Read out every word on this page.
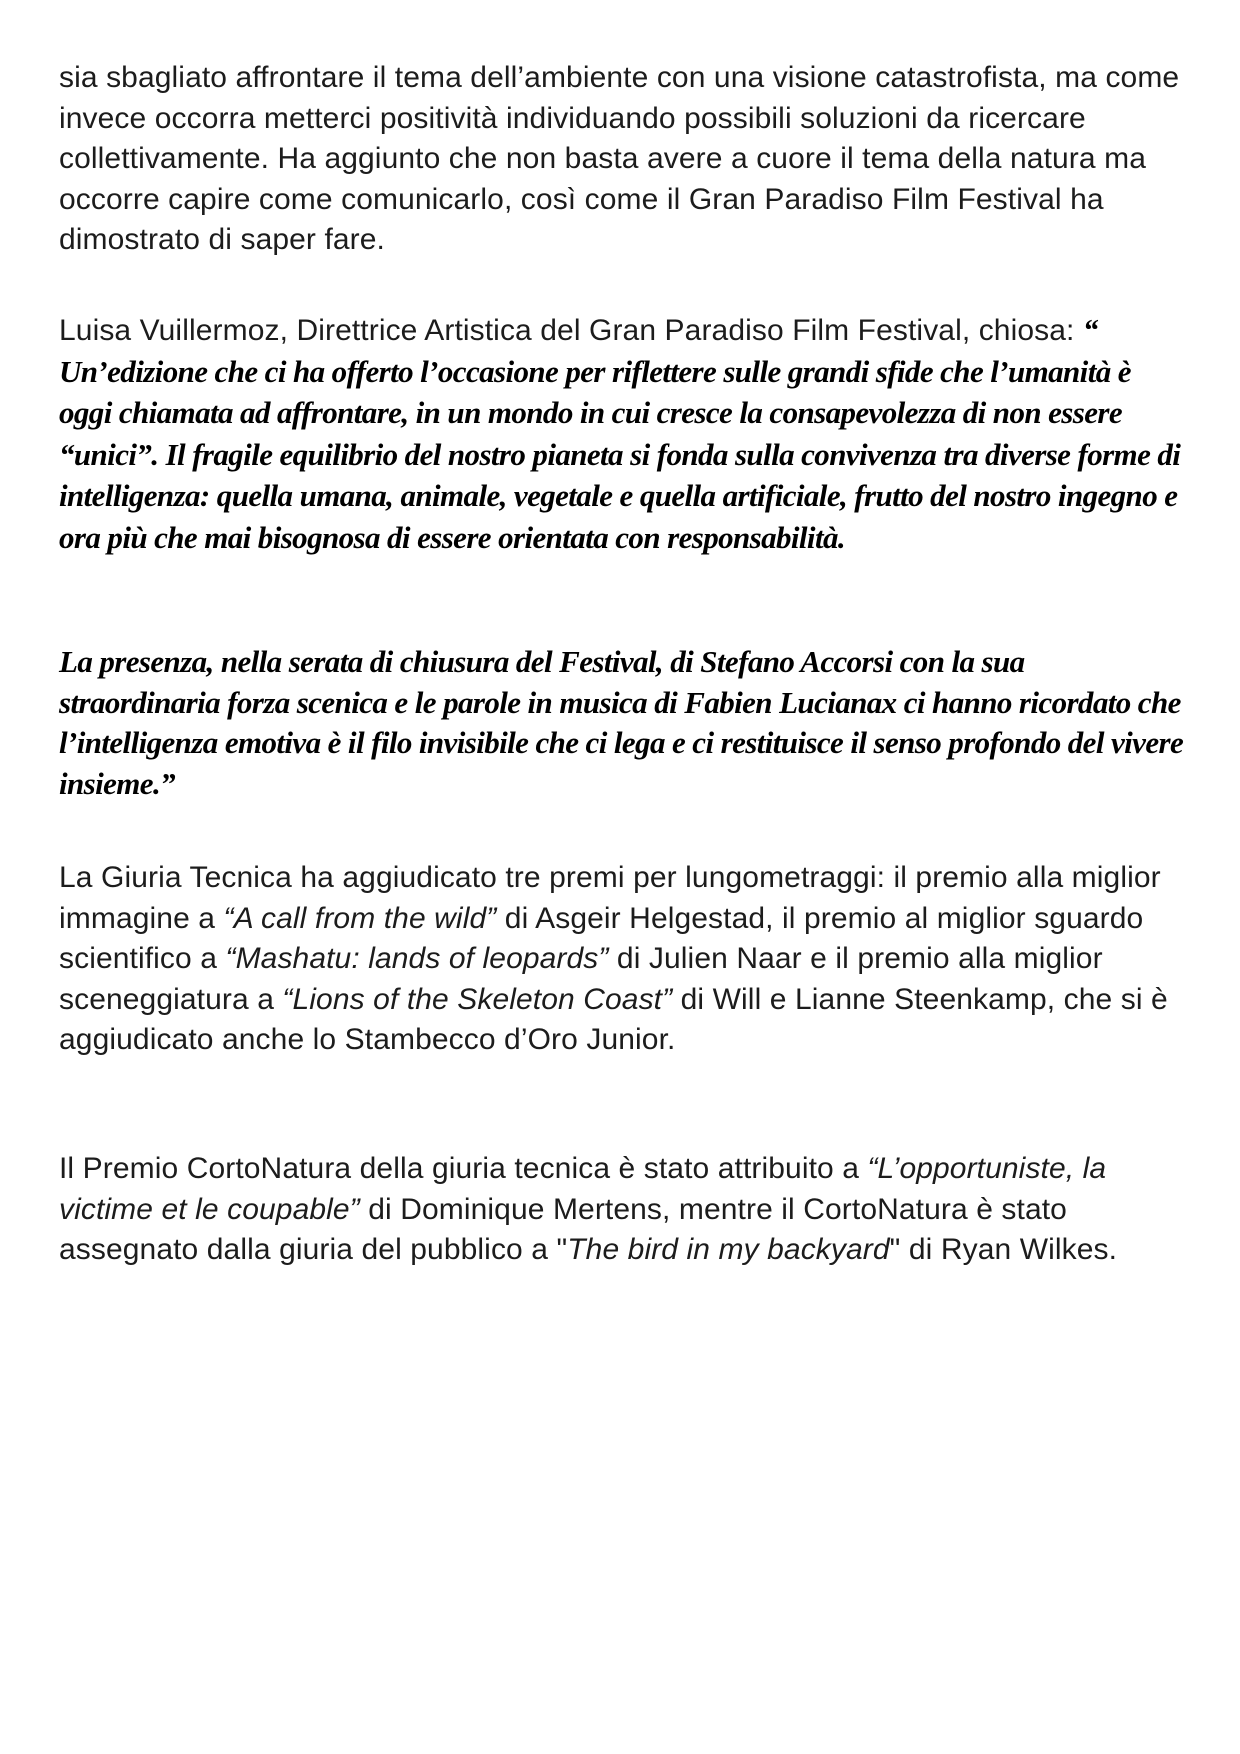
sia sbagliato affrontare il tema dell’ambiente con una visione catastrofista, ma come invece occorra metterci positività individuando possibili soluzioni da ricercare collettivamente. Ha aggiunto che non basta avere a cuore il tema della natura ma occorre capire come comunicarlo, così come il Gran Paradiso Film Festival ha dimostrato di saper fare.

Luisa Vuillermoz, Direttrice Artistica del Gran Paradiso Film Festival, chiosa: “ Un’edizione che ci ha offerto l’occasione per riflettere sulle grandi sfide che l’umanità è oggi chiamata ad affrontare, in un mondo in cui cresce la consapevolezza di non essere “unici”. Il fragile equilibrio del nostro pianeta si fonda sulla convivenza tra diverse forme di intelligenza: quella umana, animale, vegetale e quella artificiale, frutto del nostro ingegno e ora più che mai bisognosa di essere orientata con responsabilità.

La presenza, nella serata di chiusura del Festival, di Stefano Accorsi con la sua straordinaria forza scenica e le parole in musica di Fabien Lucianax ci hanno ricordato che l’intelligenza emotiva è il filo invisibile che ci lega e ci restituisce il senso profondo del vivere insieme.”

La Giuria Tecnica ha aggiudicato tre premi per lungometraggi: il premio alla miglior immagine a “A call from the wild” di Asgeir Helgestad, il premio al miglior sguardo scientifico a “Mashatu: lands of leopards” di Julien Naar e il premio alla miglior sceneggiatura a “Lions of the Skeleton Coast” di Will e Lianne Steenkamp, che si è aggiudicato anche lo Stambecco d’Oro Junior.

Il Premio CortoNatura della giuria tecnica è stato attribuito a “L’opportuniste, la victime et le coupable” di Dominique Mertens, mentre il CortoNatura è stato assegnato dalla giuria del pubblico a "The bird in my backyard" di Ryan Wilkes.
